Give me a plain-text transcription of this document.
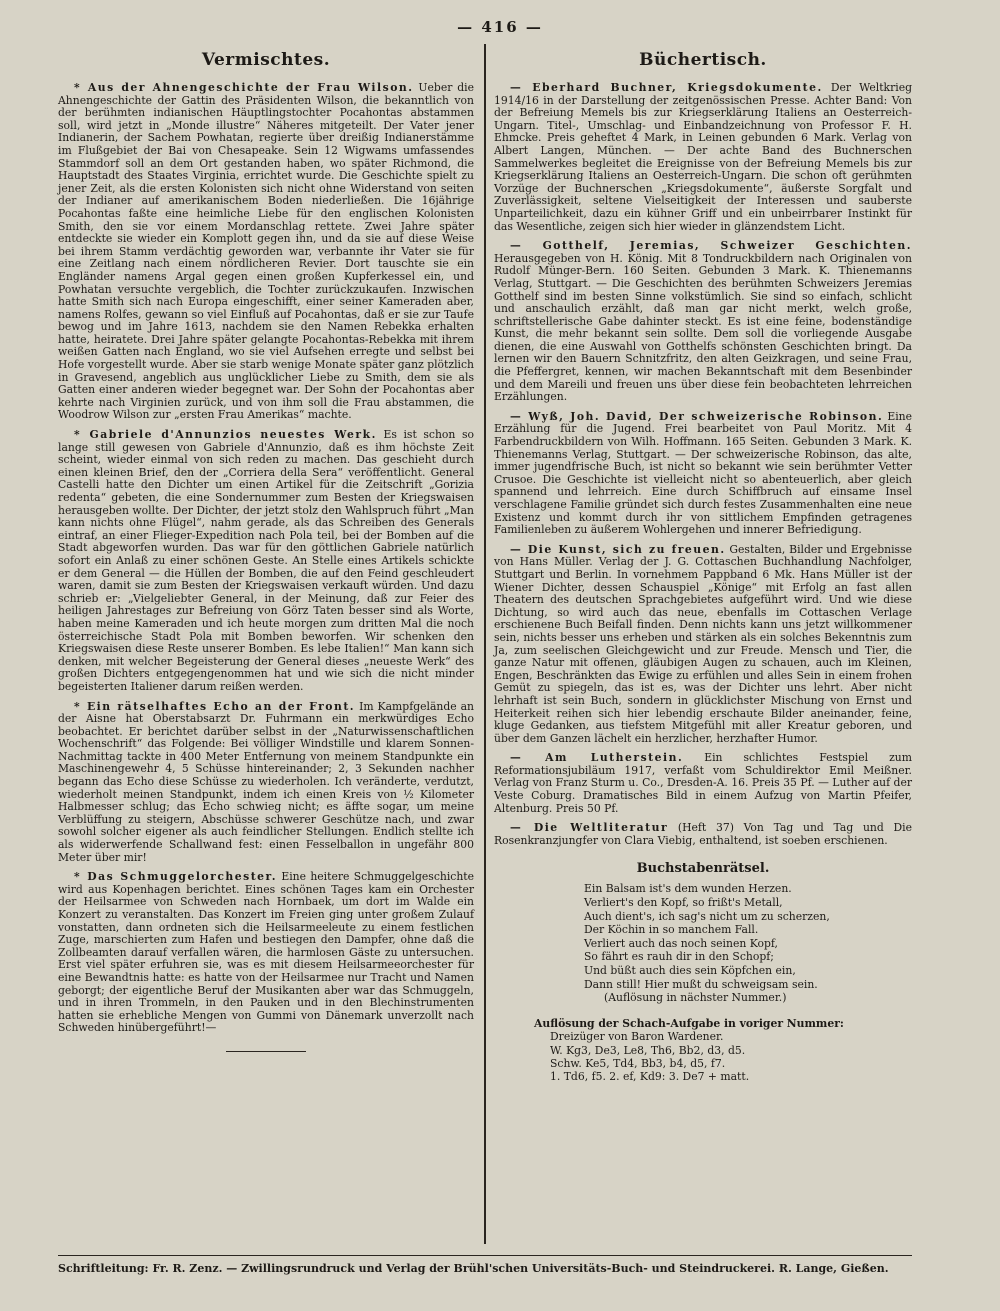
— 416 —
Vermischtes.

* Aus der Ahnengeschichte der Frau Wilson. Ueber die Ahnengeschichte der Gattin des Präsidenten Wilson, die bekanntlich von der berühmten indianischen Häuptlingstochter Pocahontas abstammen soll, wird jetzt in „Monde illustre“ Näheres mitgeteilt. Der Vater jener Indianerin, der Sachem Powhatan, regierte über dreißig Indianerstämme im Flußgebiet der Bai von Chesapeake. Sein 12 Wigwams umfassendes Stammdorf soll an dem Ort gestanden haben, wo später Richmond, die Hauptstadt des Staates Virginia, errichtet wurde. Die Geschichte spielt zu jener Zeit, als die ersten Kolonisten sich nicht ohne Widerstand von seiten der Indianer auf amerikanischem Boden niederließen. Die 16jährige Pocahontas faßte eine heimliche Liebe für den englischen Kolonisten Smith, den sie vor einem Mordanschlag rettete. Zwei Jahre später entdeckte sie wieder ein Komplott gegen ihn, und da sie auf diese Weise bei ihrem Stamm verdächtig geworden war, verbannte ihr Vater sie für eine Zeitlang nach einem nördlicheren Revier. Dort tauschte sie ein Engländer namens Argal gegen einen großen Kupferkessel ein, und Powhatan versuchte vergeblich, die Tochter zurückzukaufen. Inzwischen hatte Smith sich nach Europa eingeschifft, einer seiner Kameraden aber, namens Rolfes, gewann so viel Einfluß auf Pocahontas, daß er sie zur Taufe bewog und im Jahre 1613, nachdem sie den Namen Rebekka erhalten hatte, heiratete. Drei Jahre später gelangte Pocahontas-Rebekka mit ihrem weißen Gatten nach England, wo sie viel Aufsehen erregte und selbst bei Hofe vorgestellt wurde. Aber sie starb wenige Monate später ganz plötzlich in Gravesend, angeblich aus unglücklicher Liebe zu Smith, dem sie als Gatten einer anderen wieder begegnet war. Der Sohn der Pocahontas aber kehrte nach Virginien zurück, und von ihm soll die Frau abstammen, die Woodrow Wilson zur „ersten Frau Amerikas“ machte.

* Gabriele d'Annunzios neuestes Werk. Es ist schon so lange still gewesen von Gabriele d'Annunzio, daß es ihm höchste Zeit scheint, wieder einmal von sich reden zu machen. Das geschieht durch einen kleinen Brief, den der „Corriera della Sera“ veröffentlicht. General Castelli hatte den Dichter um einen Artikel für die Zeitschrift „Gorizia redenta“ gebeten, die eine Sondernummer zum Besten der Kriegswaisen herausgeben wollte. Der Dichter, der jetzt stolz den Wahlspruch führt „Man kann nichts ohne Flügel“, nahm gerade, als das Schreiben des Generals eintraf, an einer Flieger-Expedition nach Pola teil, bei der Bomben auf die Stadt abgeworfen wurden. Das war für den göttlichen Gabriele natürlich sofort ein Anlaß zu einer schönen Geste. An Stelle eines Artikels schickte er dem General — die Hüllen der Bomben, die auf den Feind geschleudert waren, damit sie zum Besten der Kriegswaisen verkauft würden. Und dazu schrieb er: „Vielgeliebter General, in der Meinung, daß zur Feier des heiligen Jahrestages zur Befreiung von Görz Taten besser sind als Worte, haben meine Kameraden und ich heute morgen zum dritten Mal die noch österreichische Stadt Pola mit Bomben beworfen. Wir schenken den Kriegswaisen diese Reste unserer Bomben. Es lebe Italien!“ Man kann sich denken, mit welcher Begeisterung der General dieses „neueste Werk“ des großen Dichters entgegengenommen hat und wie sich die nicht minder begeisterten Italiener darum reißen werden.

* Ein rätselhaftes Echo an der Front. Im Kampfgelände an der Aisne hat Oberstabsarzt Dr. Fuhrmann ein merkwürdiges Echo beobachtet. Er berichtet darüber selbst in der „Naturwissenschaftlichen Wochenschrift“ das Folgende: Bei völliger Windstille und klarem Sonnen-Nachmittag tackte in 400 Meter Entfernung von meinem Standpunkte ein Maschinengewehr 4, 5 Schüsse hintereinander; 2, 3 Sekunden nachher begann das Echo diese Schüsse zu wiederholen. Ich veränderte, verdutzt, wiederholt meinen Standpunkt, indem ich einen Kreis von ½ Kilometer Halbmesser schlug; das Echo schwieg nicht; es äffte sogar, um meine Verblüffung zu steigern, Abschüsse schwerer Geschütze nach, und zwar sowohl solcher eigener als auch feindlicher Stellungen. Endlich stellte ich als widerwerfende Schallwand fest: einen Fesselballon in ungefähr 800 Meter über mir!

* Das Schmuggelorchester. Eine heitere Schmuggelgeschichte wird aus Kopenhagen berichtet. Eines schönen Tages kam ein Orchester der Heilsarmee von Schweden nach Hornbaek, um dort im Walde ein Konzert zu veranstalten. Das Konzert im Freien ging unter großem Zulauf vonstatten, dann ordneten sich die Heilsarmeeleute zu einem festlichen Zuge, marschierten zum Hafen und bestiegen den Dampfer, ohne daß die Zollbeamten darauf verfallen wären, die harmlosen Gäste zu untersuchen. Erst viel später erfuhren sie, was es mit diesem Heilsarmeeorchester für eine Bewandtnis hatte: es hatte von der Heilsarmee nur Tracht und Namen geborgt; der eigentliche Beruf der Musikanten aber war das Schmuggeln, und in ihren Trommeln, in den Pauken und in den Blechinstrumenten hatten sie erhebliche Mengen von Gummi von Dänemark unverzollt nach Schweden hinübergeführt!—

Büchertisch.

— Eberhard Buchner, Kriegsdokumente. Der Weltkrieg 1914/16 in der Darstellung der zeitgenössischen Presse. Achter Band: Von der Befreiung Memels bis zur Kriegserklärung Italiens an Oesterreich-Ungarn. Titel-, Umschlag- und Einbandzeichnung von Professor F. H. Ehmcke. Preis geheftet 4 Mark, in Leinen gebunden 6 Mark. Verlag von Albert Langen, München. — Der achte Band des Buchnerschen Sammelwerkes begleitet die Ereignisse von der Befreiung Memels bis zur Kriegserklärung Italiens an Oesterreich-Ungarn. Die schon oft gerühmten Vorzüge der Buchnerschen „Kriegsdokumente“, äußerste Sorgfalt und Zuverlässigkeit, seltene Vielseitigkeit der Interessen und sauberste Unparteilichkeit, dazu ein kühner Griff und ein unbeirrbarer Instinkt für das Wesentliche, zeigen sich hier wieder in glänzendstem Licht.

— Gotthelf, Jeremias, Schweizer Geschichten. Herausgegeben von H. König. Mit 8 Tondruckbildern nach Originalen von Rudolf Münger-Bern. 160 Seiten. Gebunden 3 Mark. K. Thienemanns Verlag, Stuttgart. — Die Geschichten des berühmten Schweizers Jeremias Gotthelf sind im besten Sinne volkstümlich. Sie sind so einfach, schlicht und anschaulich erzählt, daß man gar nicht merkt, welch große, schriftstellerische Gabe dahinter steckt. Es ist eine feine, bodenständige Kunst, die mehr bekannt sein sollte. Dem soll die vorliegende Ausgabe dienen, die eine Auswahl von Gotthelfs schönsten Geschichten bringt. Da lernen wir den Bauern Schnitzfritz, den alten Geizkragen, und seine Frau, die Pfeffergret, kennen, wir machen Bekanntschaft mit dem Besenbinder und dem Mareili und freuen uns über diese fein beobachteten lehrreichen Erzählungen.

— Wyß, Joh. David, Der schweizerische Robinson. Eine Erzählung für die Jugend. Frei bearbeitet von Paul Moritz. Mit 4 Farbendruckbildern von Wilh. Hoffmann. 165 Seiten. Gebunden 3 Mark. K. Thienemanns Verlag, Stuttgart. — Der schweizerische Robinson, das alte, immer jugendfrische Buch, ist nicht so bekannt wie sein berühmter Vetter Crusoe. Die Geschichte ist vielleicht nicht so abenteuerlich, aber gleich spannend und lehrreich. Eine durch Schiffbruch auf einsame Insel verschlagene Familie gründet sich durch festes Zusammenhalten eine neue Existenz und kommt durch ihr von sittlichem Empfinden getragenes Familienleben zu äußerem Wohlergehen und innerer Befriedigung.

— Die Kunst, sich zu freuen. Gestalten, Bilder und Ergebnisse von Hans Müller. Verlag der J. G. Cottaschen Buchhandlung Nachfolger, Stuttgart und Berlin. In vornehmem Pappband 6 Mk. Hans Müller ist der Wiener Dichter, dessen Schauspiel „Könige“ mit Erfolg an fast allen Theatern des deutschen Sprachgebietes aufgeführt wird. Und wie diese Dichtung, so wird auch das neue, ebenfalls im Cottaschen Verlage erschienene Buch Beifall finden. Denn nichts kann uns jetzt willkommener sein, nichts besser uns erheben und stärken als ein solches Bekenntnis zum Ja, zum seelischen Gleichgewicht und zur Freude. Mensch und Tier, die ganze Natur mit offenen, gläubigen Augen zu schauen, auch im Kleinen, Engen, Beschränkten das Ewige zu erfühlen und alles Sein in einem frohen Gemüt zu spiegeln, das ist es, was der Dichter uns lehrt. Aber nicht lehrhaft ist sein Buch, sondern in glücklichster Mischung von Ernst und Heiterkeit reihen sich hier lebendig erschaute Bilder aneinander, feine, kluge Gedanken, aus tiefstem Mitgefühl mit aller Kreatur geboren, und über dem Ganzen lächelt ein herzlicher, herzhafter Humor.

— Am Lutherstein. Ein schlichtes Festspiel zum Reformationsjubiläum 1917, verfaßt vom Schuldirektor Emil Meißner. Verlag von Franz Sturm u. Co., Dresden-A. 16. Preis 35 Pf. — Luther auf der Veste Coburg. Dramatisches Bild in einem Aufzug von Martin Pfeifer, Altenburg. Preis 50 Pf.

— Die Weltliteratur (Heft 37) Von Tag und Tag und Die Rosenkranzjungfer von Clara Viebig, enthaltend, ist soeben erschienen.

Buchstabenrätsel.
Ein Balsam ist's dem wunden Herzen.
Verliert's den Kopf, so frißt's Metall,
Auch dient's, ich sag's nicht um zu scherzen,
Der Köchin in so manchem Fall.
Verliert auch das noch seinen Kopf,
So fährt es rauh dir in den Schopf;
Und büßt auch dies sein Köpfchen ein,
Dann still! Hier mußt du schweigsam sein.
(Auflösung in nächster Nummer.)
Auflösung der Schach-Aufgabe in voriger Nummer:
Dreizüger von Baron Wardener.
W. Kg3, De3, Le8, Th6, Bb2, d3, d5.
Schw. Ke5, Td4, Bb3, b4, d5, f7.
1. Td6, f5. 2. ef, Kd9: 3. De7 + matt.
Schriftleitung: Fr. R. Zenz. — Zwillingsrundruck und Verlag der Brühl'schen Universitäts-Buch- und Steindruckerei. R. Lange, Gießen.
